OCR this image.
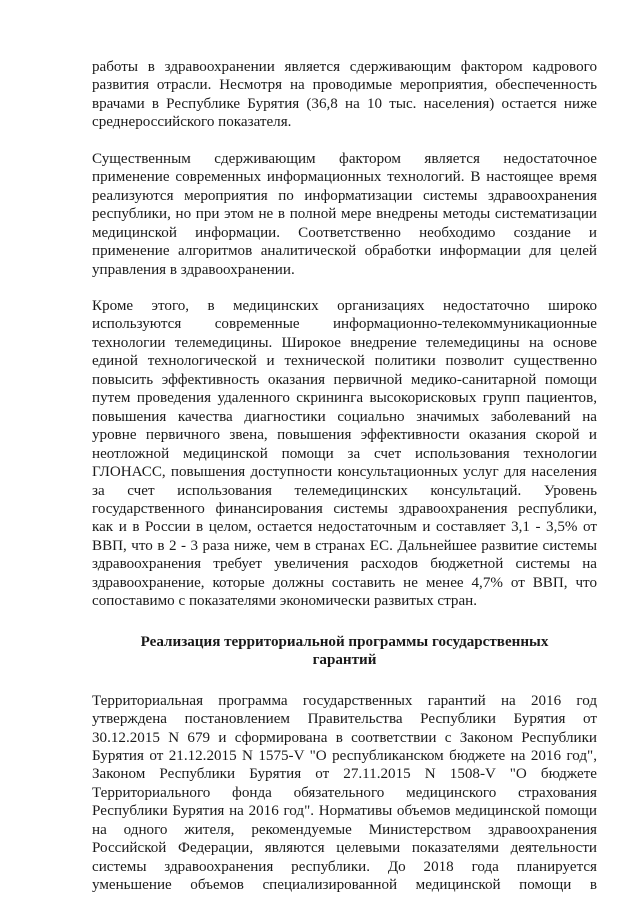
работы в здравоохранении является сдерживающим фактором кадрового
развития отрасли. Несмотря на проводимые мероприятия, обеспеченность
врачами в Республике Бурятия (36,8 на 10 тыс. населения) остается ниже
среднероссийского показателя.

Существенным сдерживающим фактором является недостаточное
применение современных информационных технологий. В настоящее время
реализуются мероприятия по информатизации системы здравоохранения
республики, но при этом не в полной мере внедрены методы систематизации
медицинской информации. Соответственно необходимо создание и
применение алгоритмов аналитической обработки информации для целей
управления в здравоохранении.

Кроме этого, в медицинских организациях недостаточно широко
используются современные информационно-телекоммуникационные
технологии телемедицины. Широкое внедрение телемедицины на основе
единой технологической и технической политики позволит существенно
повысить эффективность оказания первичной медико-санитарной помощи
путем проведения удаленного скрининга высокорисковых групп пациентов,
повышения качества диагностики социально значимых заболеваний на
уровне первичного звена, повышения эффективности оказания скорой и
неотложной медицинской помощи за счет использования технологии
ГЛОНАСС, повышения доступности консультационных услуг для населения
за счет использования телемедицинских консультаций. Уровень
государственного финансирования системы здравоохранения республики,
как и в России в целом, остается недостаточным и составляет 3,1 - 3,5% от
ВВП, что в 2 - 3 раза ниже, чем в странах ЕС. Дальнейшее развитие системы
здравоохранения требует увеличения расходов бюджетной системы на
здравоохранение, которые должны составить не менее 4,7% от ВВП, что
сопоставимо с показателями экономически развитых стран.

Реализация территориальной программы государственных
гарантий

Территориальная программа государственных гарантий на 2016 год
утверждена постановлением Правительства Республики Бурятия от
30.12.2015 N 679 и сформирована в соответствии с Законом Республики
Бурятия от 21.12.2015 N 1575-V "О республиканском бюджете на 2016 год",
Законом Республики Бурятия от 27.11.2015 N 1508-V "О бюджете
Территориального фонда обязательного медицинского страхования
Республики Бурятия на 2016 год". Нормативы объемов медицинской помощи
на одного жителя, рекомендуемые Министерством здравоохранения
Российской Федерации, являются целевыми показателями деятельности
системы здравоохранения республики. До 2018 года планируется
уменьшение объемов специализированной медицинской помощи в
